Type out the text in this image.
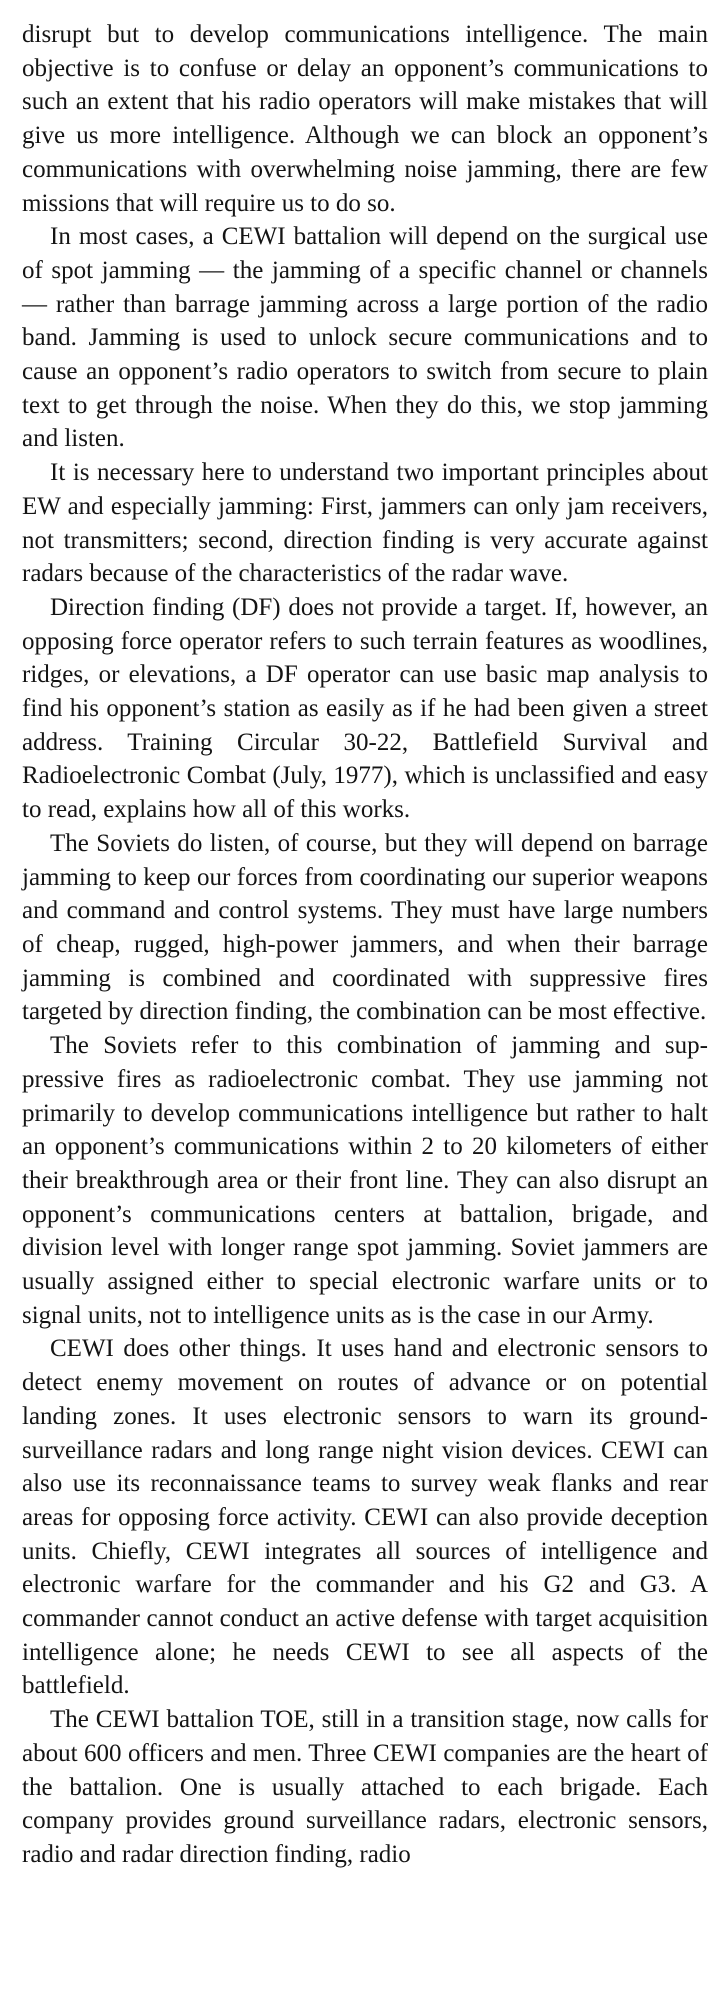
disrupt but to develop communications intelligence. The main objective is to confuse or delay an opponent’s communications to such an extent that his radio operators will make mistakes that will give us more intelligence. Although we can block an opponent’s communications with overwhelming noise jamming, there are few missions that will require us to do so.

In most cases, a CEWI battalion will depend on the surgical use of spot jamming — the jamming of a specific channel or channels — rather than barrage jamming across a large portion of the radio band. Jamming is used to unlock secure communications and to cause an opponent’s radio operators to switch from secure to plain text to get through the noise. When they do this, we stop jamming and listen.

It is necessary here to understand two important principles about EW and especially jamming: First, jammers can only jam receivers, not transmitters; second, direction finding is very accurate against radars because of the characteristics of the radar wave.

Direction finding (DF) does not provide a target. If, however, an opposing force operator refers to such terrain features as woodlines, ridges, or elevations, a DF operator can use basic map analysis to find his opponent’s station as easily as if he had been given a street address. Training Circular 30-22, Battlefield Survival and Radioelectronic Combat (July, 1977), which is unclassified and easy to read, explains how all of this works.

The Soviets do listen, of course, but they will depend on barrage jamming to keep our forces from coordinating our superior weapons and command and control systems. They must have large numbers of cheap, rugged, high-power jammers, and when their barrage jamming is combined and coordinated with suppressive fires targeted by direction finding, the combination can be most effective.

The Soviets refer to this combination of jamming and suppressive fires as radioelectronic combat. They use jamming not primarily to develop communications intelligence but rather to halt an opponent’s communications within 2 to 20 kilometers of either their breakthrough area or their front line. They can also disrupt an opponent’s communications centers at battalion, brigade, and division level with longer range spot jamming. Soviet jammers are usually assigned either to special electronic warfare units or to signal units, not to intelligence units as is the case in our Army.

CEWI does other things. It uses hand and electronic sensors to detect enemy movement on routes of advance or on potential landing zones. It uses electronic sensors to warn its ground-surveillance radars and long range night vision devices. CEWI can also use its reconnaissance teams to survey weak flanks and rear areas for opposing force activity. CEWI can also provide deception units. Chiefly, CEWI integrates all sources of intelligence and electronic warfare for the commander and his G2 and G3. A commander cannot conduct an active defense with target acquisition intelligence alone; he needs CEWI to see all aspects of the battlefield.

The CEWI battalion TOE, still in a transition stage, now calls for about 600 officers and men. Three CEWI companies are the heart of the battalion. One is usually attached to each brigade. Each company provides ground surveillance radars, electronic sensors, radio and radar direction finding, radio
